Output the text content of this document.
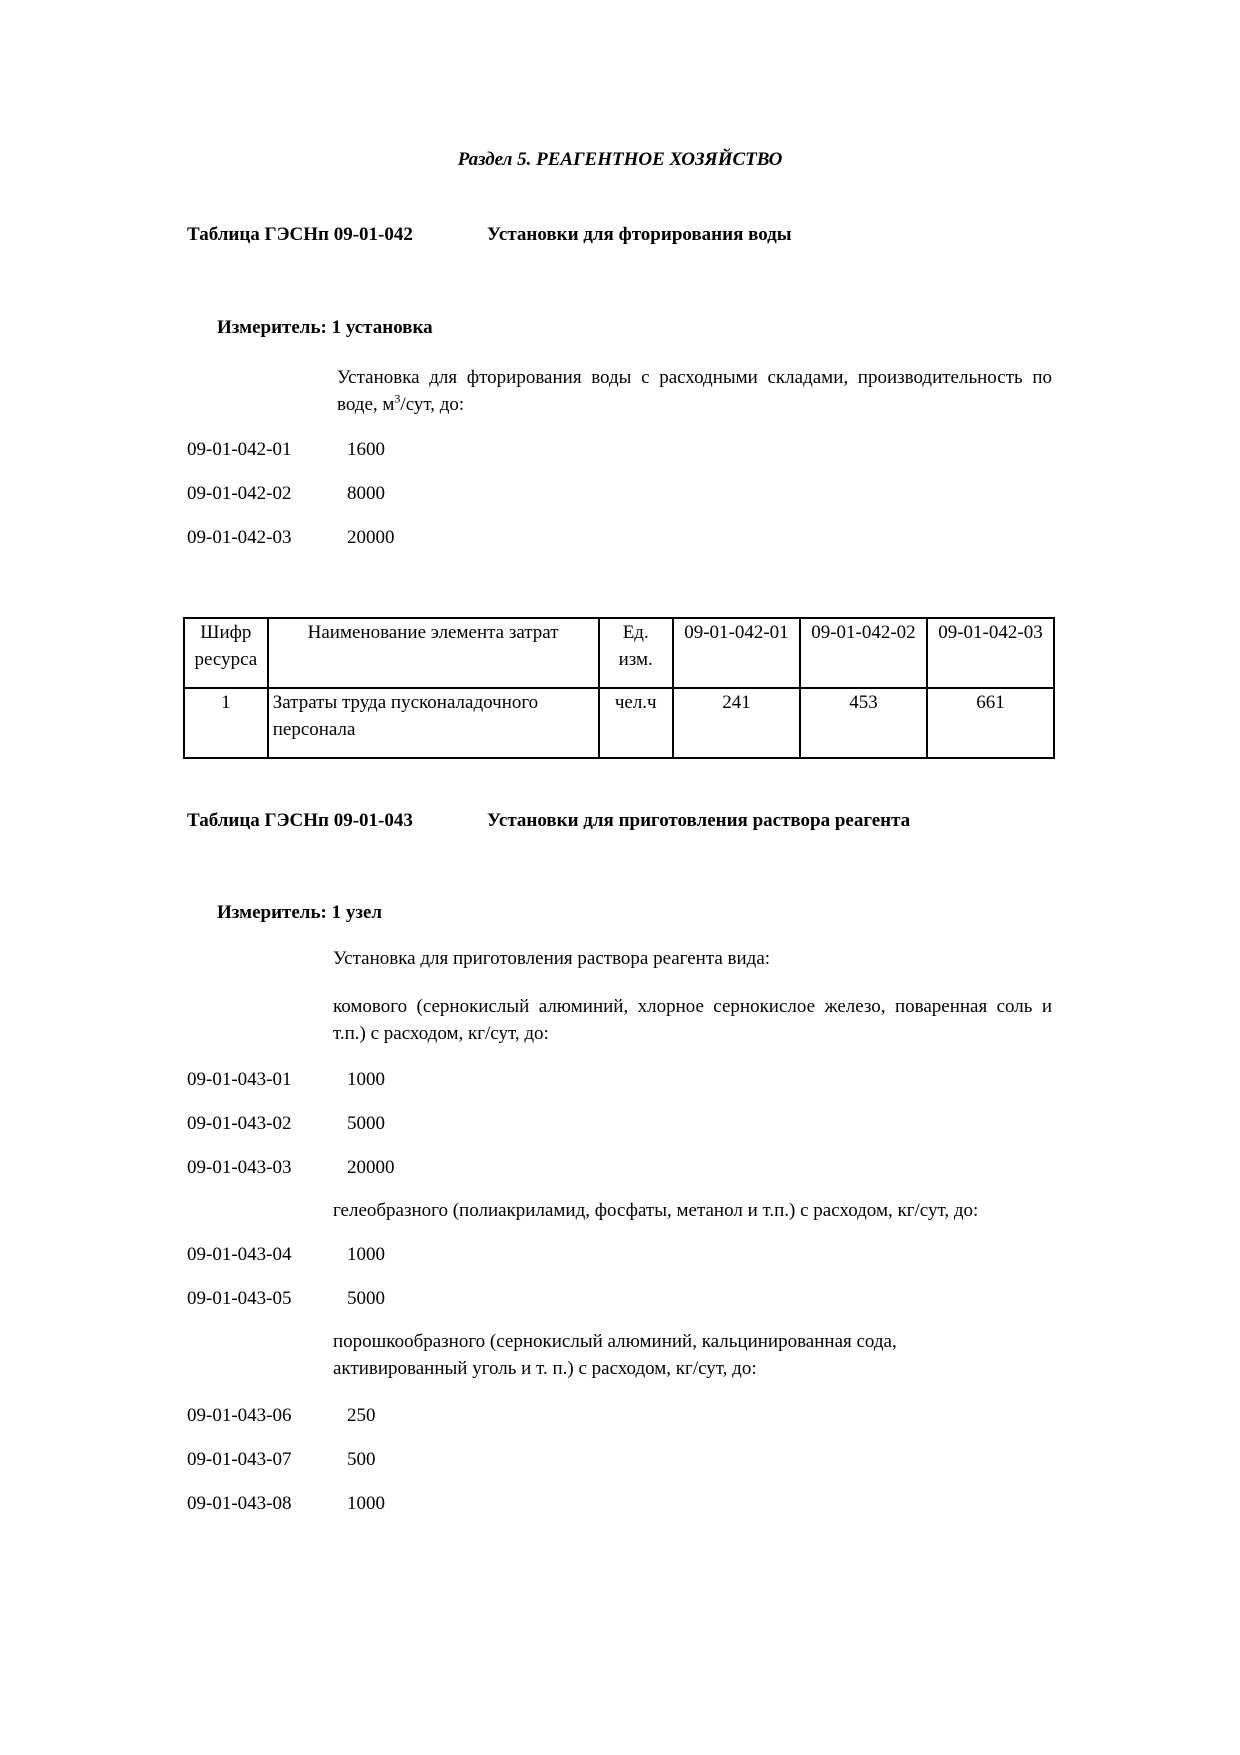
Раздел 5. РЕАГЕНТНОЕ ХОЗЯЙСТВО
Таблица ГЭСНп 09-01-042	Установки для фторирования воды
Измеритель: 1 установка
Установка для фторирования воды с расходными складами, производительность по воде, $м^3$/сут, до:
09-01-042-01	1600
09-01-042-02	8000
09-01-042-03	20000
Шифр ресурса	Наименование элемента затрат	Ед. изм.	09-01-042-01	09-01-042-02	09-01-042-03
1	Затраты труда пусконаладочного персонала	чел.ч	241	453	661
Таблица ГЭСНп 09-01-043	Установки для приготовления раствора реагента
Измеритель: 1 узел
Установка для приготовления раствора реагента вида:
комового (сернокислый алюминий, хлорное сернокислое железо, поваренная соль и т.п.) с расходом, кг/сут, до:
09-01-043-01	1000
09-01-043-02	5000
09-01-043-03	20000
гелеобразного (полиакриламид, фосфаты, метанол и т.п.) с расходом, кг/сут, до:
09-01-043-04	1000
09-01-043-05	5000
порошкообразного (сернокислый алюминий, кальцинированная сода,
активированный уголь и т. п.) с расходом, кг/сут, до:
09-01-043-06	250
09-01-043-07	500
09-01-043-08	1000
